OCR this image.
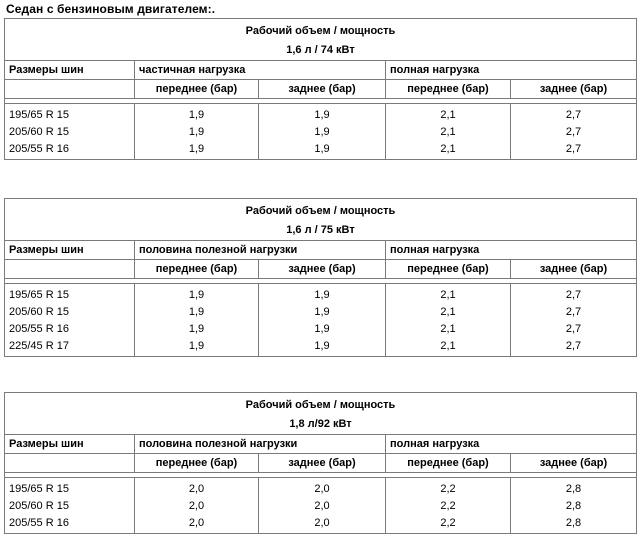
Седан с бензиновым двигателем:.
Рабочий объем / мощность				
1,6 л / 74 кВт				
Размеры шин	частичная нагрузка		полная нагрузка	
	переднее (бар)	заднее (бар)	переднее (бар)	заднее (бар)

195/65 R 15	1,9	1,9	2,1	2,7
205/60 R 15	1,9	1,9	2,1	2,7
205/55 R 16	1,9	1,9	2,1	2,7
Рабочий объем / мощность				
1,6 л / 75 кВт				
Размеры шин	половина полезной нагрузки		полная нагрузка	
	переднее (бар)	заднее (бар)	переднее (бар)	заднее (бар)

195/65 R 15	1,9	1,9	2,1	2,7
205/60 R 15	1,9	1,9	2,1	2,7
205/55 R 16	1,9	1,9	2,1	2,7
225/45 R 17	1,9	1,9	2,1	2,7
Рабочий объем / мощность				
1,8 л/92 кВт				
Размеры шин	половина полезной нагрузки		полная нагрузка	
	переднее (бар)	заднее (бар)	переднее (бар)	заднее (бар)

195/65 R 15	2,0	2,0	2,2	2,8
205/60 R 15	2,0	2,0	2,2	2,8
205/55 R 16	2,0	2,0	2,2	2,8
